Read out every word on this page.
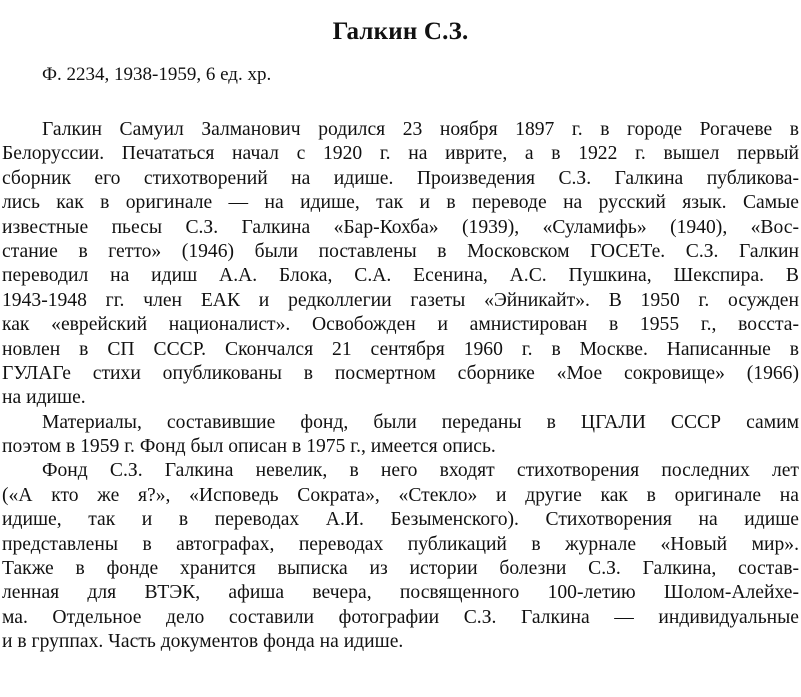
Галкин С.З.
Ф. 2234, 1938-1959, 6 ед. хр.
Галкин Самуил Залманович родился 23 ноября 1897 г. в городе Рогачеве в
Белоруссии. Печататься начал с 1920 г. на иврите, а в 1922 г. вышел первый
сборник его стихотворений на идише. Произведения С.З. Галкина публикова-
лись как в оригинале — на идише, так и в переводе на русский язык. Самые
известные пьесы С.З. Галкина «Бар-Кохба» (1939), «Суламифь» (1940), «Вос-
стание в гетто» (1946) были поставлены в Московском ГОСЕТе. С.З. Галкин
переводил на идиш А.А. Блока, С.А. Есенина, А.С. Пушкина, Шекспира. В
1943-1948 гг. член ЕАК и редколлегии газеты «Эйникайт». В 1950 г. осужден
как «еврейский националист». Освобожден и амнистирован в 1955 г., восста-
новлен в СП СССР. Скончался 21 сентября 1960 г. в Москве. Написанные в
ГУЛАГе стихи опубликованы в посмертном сборнике «Мое сокровище» (1966)
на идише.
Материалы, составившие фонд, были переданы в ЦГАЛИ СССР самим
поэтом в 1959 г. Фонд был описан в 1975 г., имеется опись.
Фонд С.З. Галкина невелик, в него входят стихотворения последних лет
(«А кто же я?», «Исповедь Сократа», «Стекло» и другие как в оригинале на
идише, так и в переводах А.И. Безыменского). Стихотворения на идише
представлены в автографах, переводах публикаций в журнале «Новый мир».
Также в фонде хранится выписка из истории болезни С.З. Галкина, состав-
ленная для ВТЭК, афиша вечера, посвященного 100-летию Шолом-Алейхе-
ма. Отдельное дело составили фотографии С.З. Галкина — индивидуальные
и в группах. Часть документов фонда на идише.
